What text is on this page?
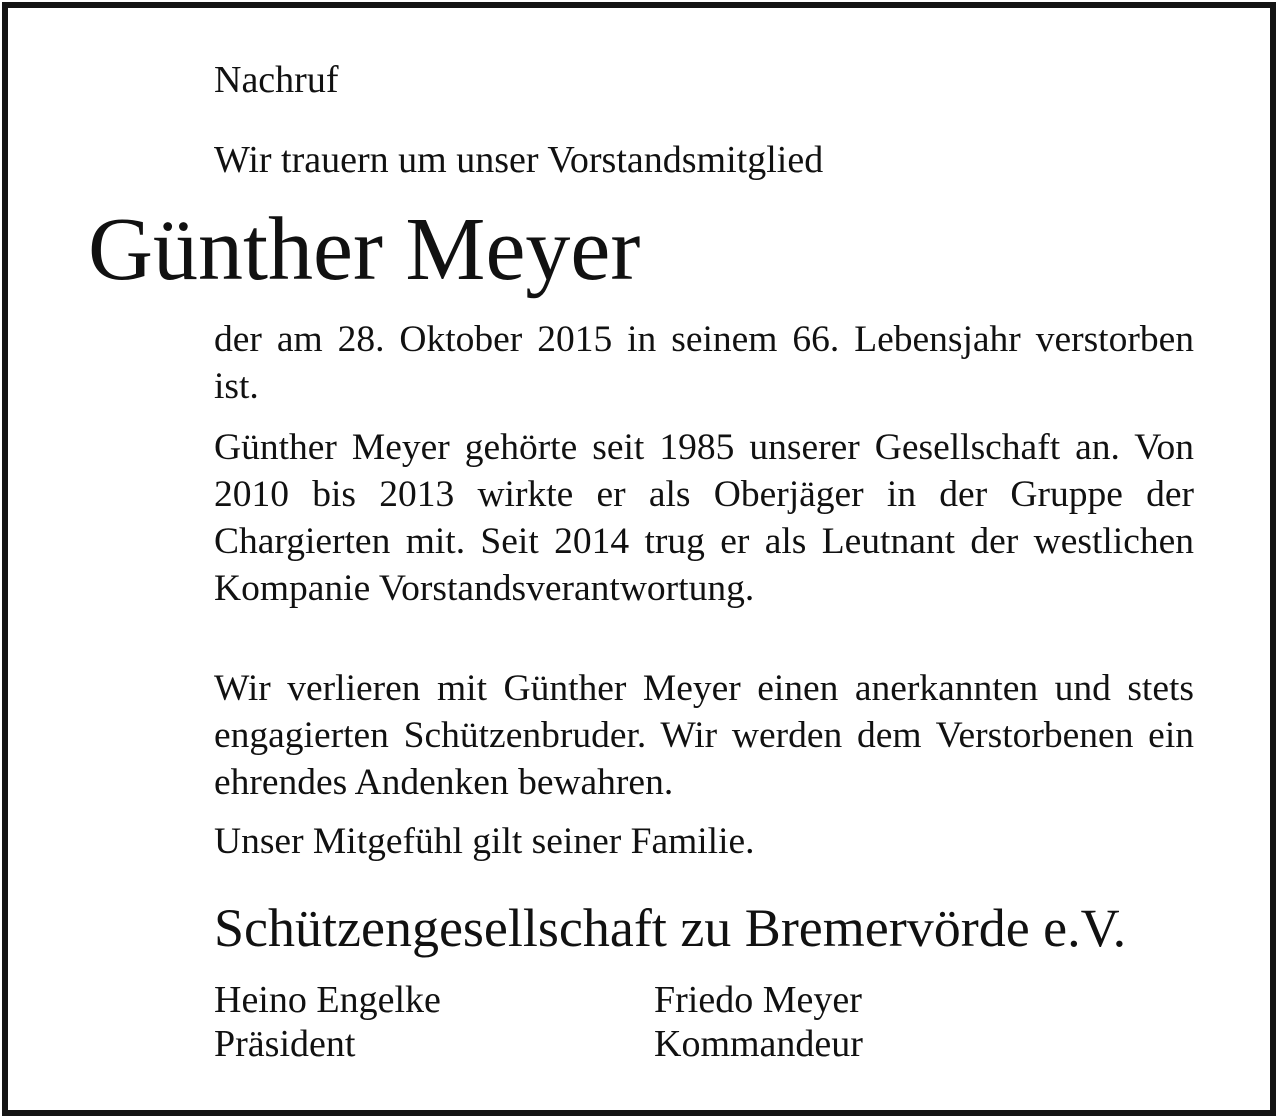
Nachruf
Wir trauern um unser Vorstandsmitglied
Günther Meyer
der am 28. Oktober 2015 in seinem 66. Lebensjahr verstorben ist.
Günther Meyer gehörte seit 1985 unserer Gesellschaft an. Von 2010 bis 2013 wirkte er als Oberjäger in der Gruppe der Chargierten mit. Seit 2014 trug er als Leutnant der westlichen Kompanie Vorstandsverantwortung.
Wir verlieren mit Günther Meyer einen anerkannten und stets engagierten Schützenbruder. Wir werden dem Verstorbenen ein ehrendes Andenken bewahren.
Unser Mitgefühl gilt seiner Familie.
Schützengesellschaft zu Bremervörde e.V.
Heino Engelke
Präsident
Friedo Meyer
Kommandeur
